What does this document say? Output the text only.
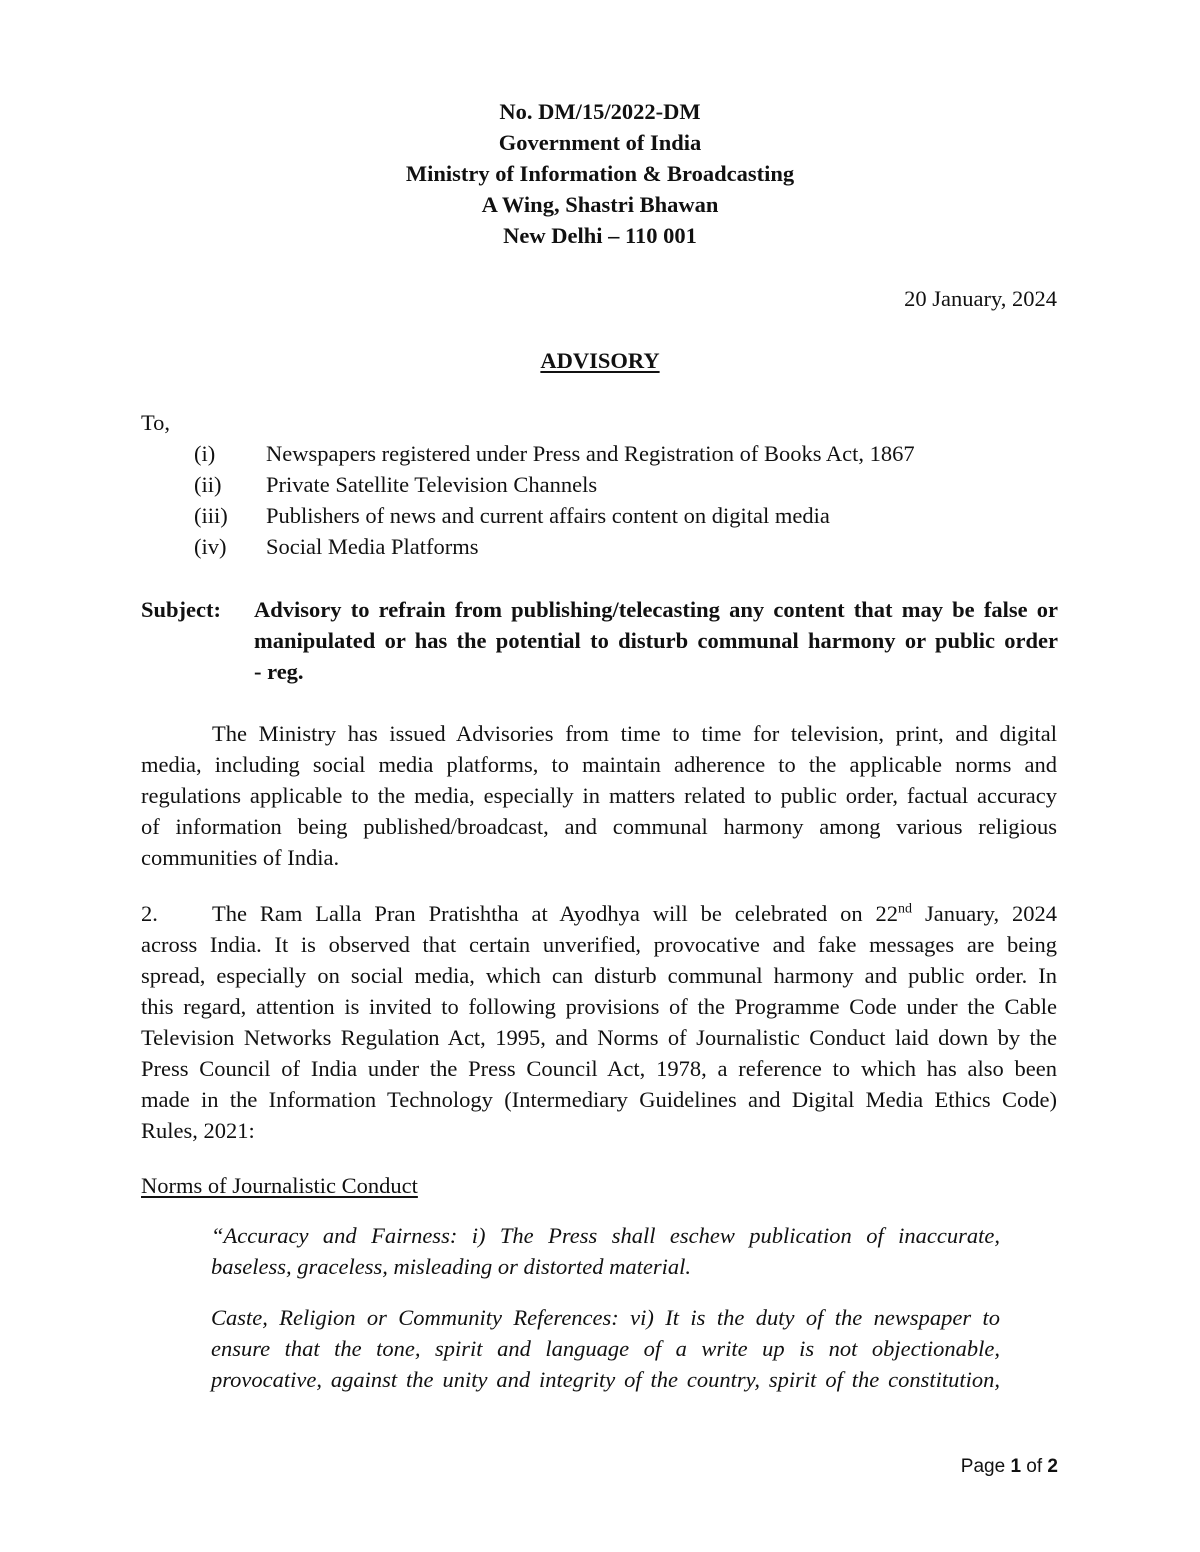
No. DM/15/2022-DM
Government of India
Ministry of Information & Broadcasting
A Wing, Shastri Bhawan
New Delhi – 110 001
20 January, 2024
ADVISORY
To,
(i) Newspapers registered under Press and Registration of Books Act, 1867
(ii) Private Satellite Television Channels
(iii) Publishers of news and current affairs content on digital media
(iv) Social Media Platforms
Subject: Advisory to refrain from publishing/telecasting any content that may be false or
manipulated or has the potential to disturb communal harmony or public order
- reg.
The Ministry has issued Advisories from time to time for television, print, and digital
media, including social media platforms, to maintain adherence to the applicable norms and
regulations applicable to the media, especially in matters related to public order, factual accuracy
of information being published/broadcast, and communal harmony among various religious
communities of India.
2. The Ram Lalla Pran Pratishtha at Ayodhya will be celebrated on 22nd January, 2024
across India. It is observed that certain unverified, provocative and fake messages are being
spread, especially on social media, which can disturb communal harmony and public order. In
this regard, attention is invited to following provisions of the Programme Code under the Cable
Television Networks Regulation Act, 1995, and Norms of Journalistic Conduct laid down by the
Press Council of India under the Press Council Act, 1978, a reference to which has also been
made in the Information Technology (Intermediary Guidelines and Digital Media Ethics Code)
Rules, 2021:
Norms of Journalistic Conduct
“Accuracy and Fairness: i) The Press shall eschew publication of inaccurate,
baseless, graceless, misleading or distorted material.
Caste, Religion or Community References: vi) It is the duty of the newspaper to
ensure that the tone, spirit and language of a write up is not objectionable,
provocative, against the unity and integrity of the country, spirit of the constitution,
Page 1 of 2
